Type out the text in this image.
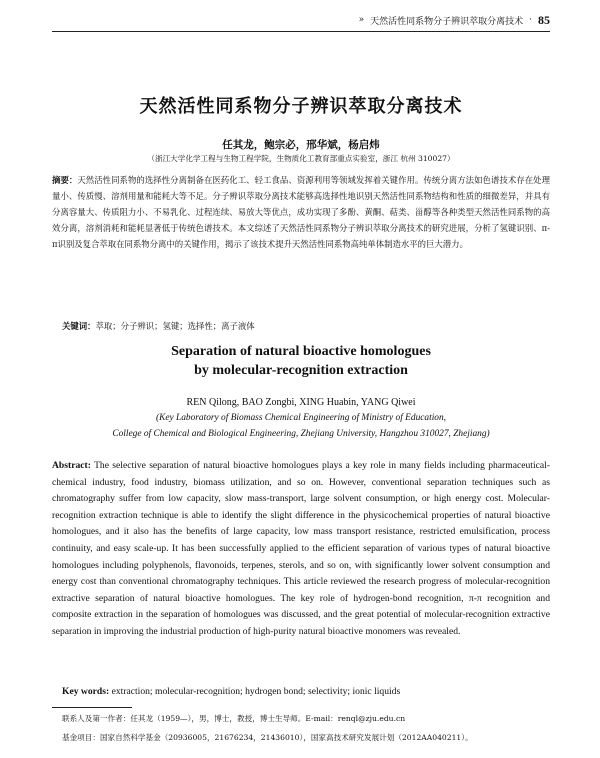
» 天然活性同系物分子辨识萃取分离技术 · 85
天然活性同系物分子辨识萃取分离技术
任其龙，鲍宗必，邢华斌，杨启炜
（浙江大学化学工程与生物工程学院，生物质化工教育部重点实验室，浙江 杭州 310027）
摘要：天然活性同系物的选择性分离制备在医药化工、轻工食品、资源利用等领域发挥着关键作用。传统分离方法如色谱技术存在处理量小、传质慢、溶剂用量和能耗大等不足。分子辨识萃取分离技术能够高选择性地识别天然活性同系物结构和性质的细微差异，并具有分离容量大、传质阻力小、不易乳化、过程连续、易放大等优点，成功实现了多酚、黄酮、萜类、甾醇等各种类型天然活性同系物的高效分离，溶剂消耗和能耗显著低于传统色谱技术。本文综述了天然活性同系物分子辨识萃取分离技术的研究进展，分析了氢键识别、π-π识别及复合萃取在同系物分离中的关键作用，揭示了该技术提升天然活性同系物高纯单体制造水平的巨大潜力。
关键词：萃取；分子辨识；氢键；选择性；离子液体
Separation of natural bioactive homologues
by molecular-recognition extraction
REN Qilong, BAO Zongbi, XING Huabin, YANG Qiwei
(Key Laboratory of Biomass Chemical Engineering of Ministry of Education,
College of Chemical and Biological Engineering, Zhejiang University, Hangzhou 310027, Zhejiang)
Abstract: The selective separation of natural bioactive homologues plays a key role in many fields including pharmaceutical-chemical industry, food industry, biomass utilization, and so on. However, conventional separation techniques such as chromatography suffer from low capacity, slow mass-transport, large solvent consumption, or high energy cost. Molecular-recognition extraction technique is able to identify the slight difference in the physicochemical properties of natural bioactive homologues, and it also has the benefits of large capacity, low mass transport resistance, restricted emulsification, process continuity, and easy scale-up. It has been successfully applied to the efficient separation of various types of natural bioactive homologues including polyphenols, flavonoids, terpenes, sterols, and so on, with significantly lower solvent consumption and energy cost than conventional chromatography techniques. This article reviewed the research progress of molecular-recognition extractive separation of natural bioactive homologues. The key role of hydrogen-bond recognition, π-π recognition and composite extraction in the separation of homologues was discussed, and the great potential of molecular-recognition extractive separation in improving the industrial production of high-purity natural bioactive monomers was revealed.
Key words: extraction; molecular-recognition; hydrogen bond; selectivity; ionic liquids
联系人及第一作者：任其龙（1959—），男，博士，教授，博士生导师。E-mail：renql@zju.edu.cn
基金项目：国家自然科学基金（20936005，21676234，21436010），国家高技术研究发展计划（2012AA040211）。
